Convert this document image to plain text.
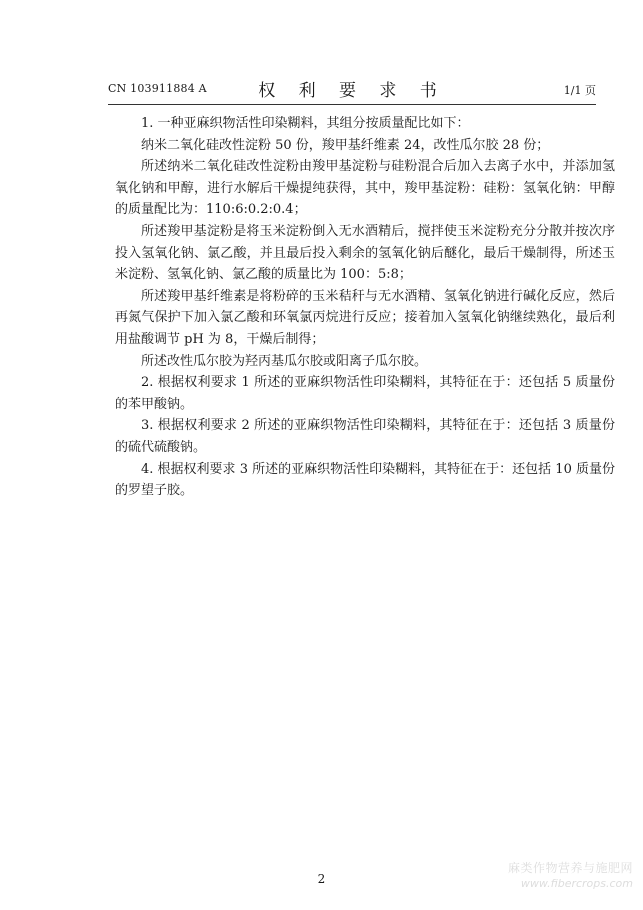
CN 103911884 A	权 利 要 求 书	1/1 页

1. 一种亚麻织物活性印染糊料，其组分按质量配比如下：

纳米二氧化硅改性淀粉 50 份，羧甲基纤维素 24，改性瓜尔胶 28 份；

所述纳米二氧化硅改性淀粉由羧甲基淀粉与硅粉混合后加入去离子水中，并添加氢氧化钠和甲醇，进行水解后干燥提纯获得，其中，羧甲基淀粉：硅粉：氢氧化钠：甲醇的质量配比为：110:6:0.2:0.4；

所述羧甲基淀粉是将玉米淀粉倒入无水酒精后，搅拌使玉米淀粉充分分散并按次序投入氢氧化钠、氯乙酸，并且最后投入剩余的氢氧化钠后醚化，最后干燥制得，所述玉米淀粉、氢氧化钠、氯乙酸的质量比为 100：5:8；

所述羧甲基纤维素是将粉碎的玉米秸秆与无水酒精、氢氧化钠进行碱化反应，然后再氮气保护下加入氯乙酸和环氧氯丙烷进行反应；接着加入氢氧化钠继续熟化，最后利用盐酸调节 pH 为 8，干燥后制得；

所述改性瓜尔胶为羟丙基瓜尔胶或阳离子瓜尔胶。

2. 根据权利要求 1 所述的亚麻织物活性印染糊料，其特征在于：还包括 5 质量份的苯甲酸钠。

3. 根据权利要求 2 所述的亚麻织物活性印染糊料，其特征在于：还包括 3 质量份的硫代硫酸钠。

4. 根据权利要求 3 所述的亚麻织物活性印染糊料，其特征在于：还包括 10 质量份的罗望子胶。

2
麻类作物营养与施肥网
www.fibercrops.com
